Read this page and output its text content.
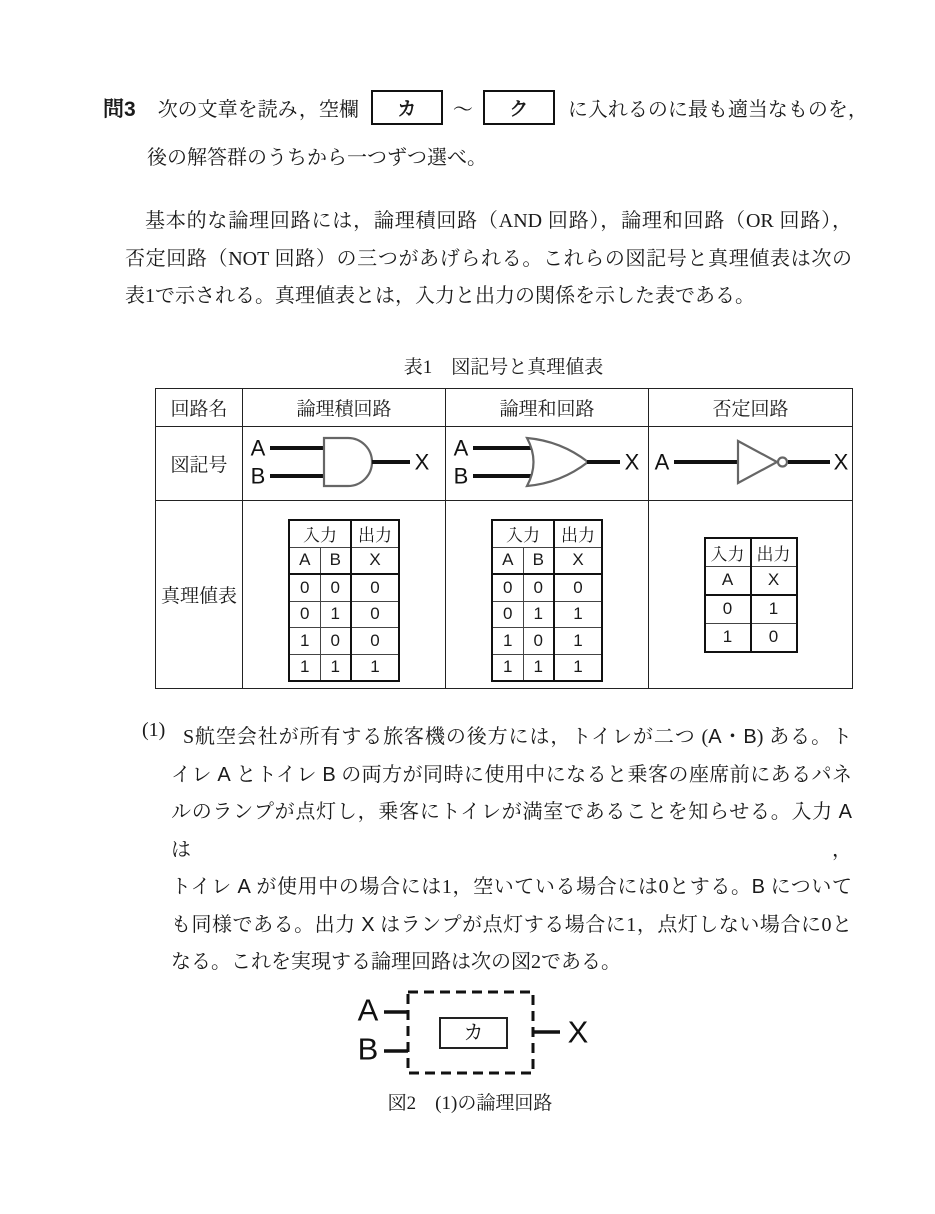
問3 次の文章を読み，空欄	カ	～	ク	に入れるのに最も適当なものを，
後の解答群のうちから一つずつ選べ。
基本的な論理回路には，論理積回路（AND 回路），論理和回路（OR 回路），
否定回路（NOT 回路）の三つがあげられる。これらの図記号と真理値表は次の
表1で示される。真理値表とは，入力と出力の関係を示した表である。
表1　図記号と真理値表
回路名	論理積回路	論理和回路	否定回路
図記号	
A
B
X

A
B
X	A	X

真理値表	
入力	出力
A	B	X
0	0	0
0	1	0
1	0	0
1	1	1

入力	出力
A	B	X
0	0	0
0	1	1
1	0	1
1	1	1

入力	出力
A	X
0	1
1	0
(1) S航空会社が所有する旅客機の後方には，トイレが二つ (A・B) ある。ト
イレ A とトイレ B の両方が同時に使用中になると乗客の座席前にあるパネ
ルのランプが点灯し，乗客にトイレが満室であることを知らせる。入力 A は，
トイレ A が使用中の場合には1，空いている場合には0とする。B について
も同様である。出力 X はランプが点灯する場合に1，点灯しない場合に0と
なる。これを実現する論理回路は次の図2である。
A
B	カ	X
図2　(1)の論理回路
